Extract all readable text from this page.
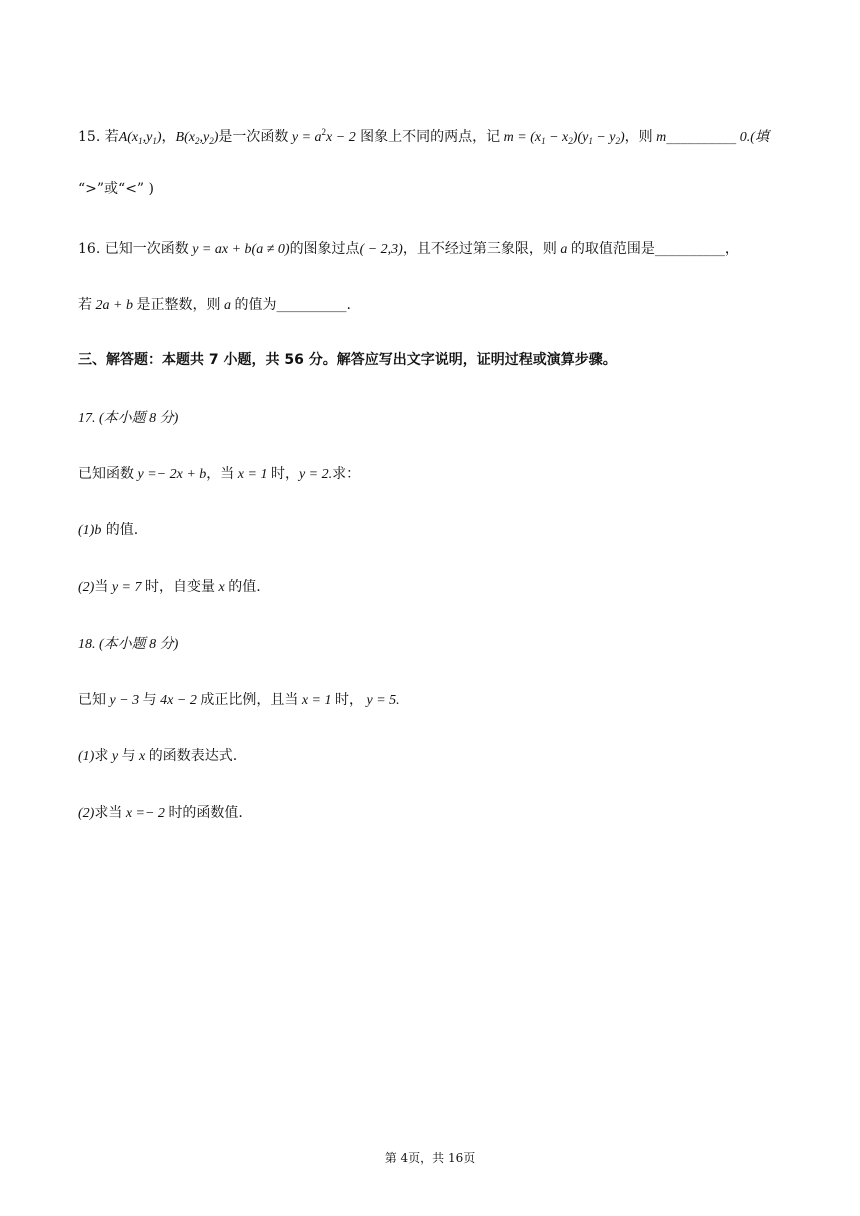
15. 若$A(x_1,y_1)$，$B(x_2,y_2)$是一次函数 $y = a^2x - 2$ 图象上不同的两点，记 $m = (x_1 - x_2)(y_1 - y_2)$，则 m__________ 0.(填
“>”或“<” )
16. 已知一次函数 y = ax + b(a ≠ 0)的图象过点( − 2,3)，且不经过第三象限，则 a 的取值范围是__________，
若 2a + b 是正整数，则 a 的值为__________.
三、解答题：本题共 7 小题，共 56 分。解答应写出文字说明，证明过程或演算步骤。
17. (本小题 8 分)
已知函数 y =− 2x + b，当 x = 1 时，y = 2.求：
(1)b 的值.
(2)当 y = 7 时，自变量 x 的值.
18. (本小题 8 分)
已知 y − 3 与 4x − 2 成正比例，且当 x = 1 时， y = 5.
(1)求 y 与 x 的函数表达式.
(2)求当 x =− 2 时的函数值.
第 4页，共 16页
